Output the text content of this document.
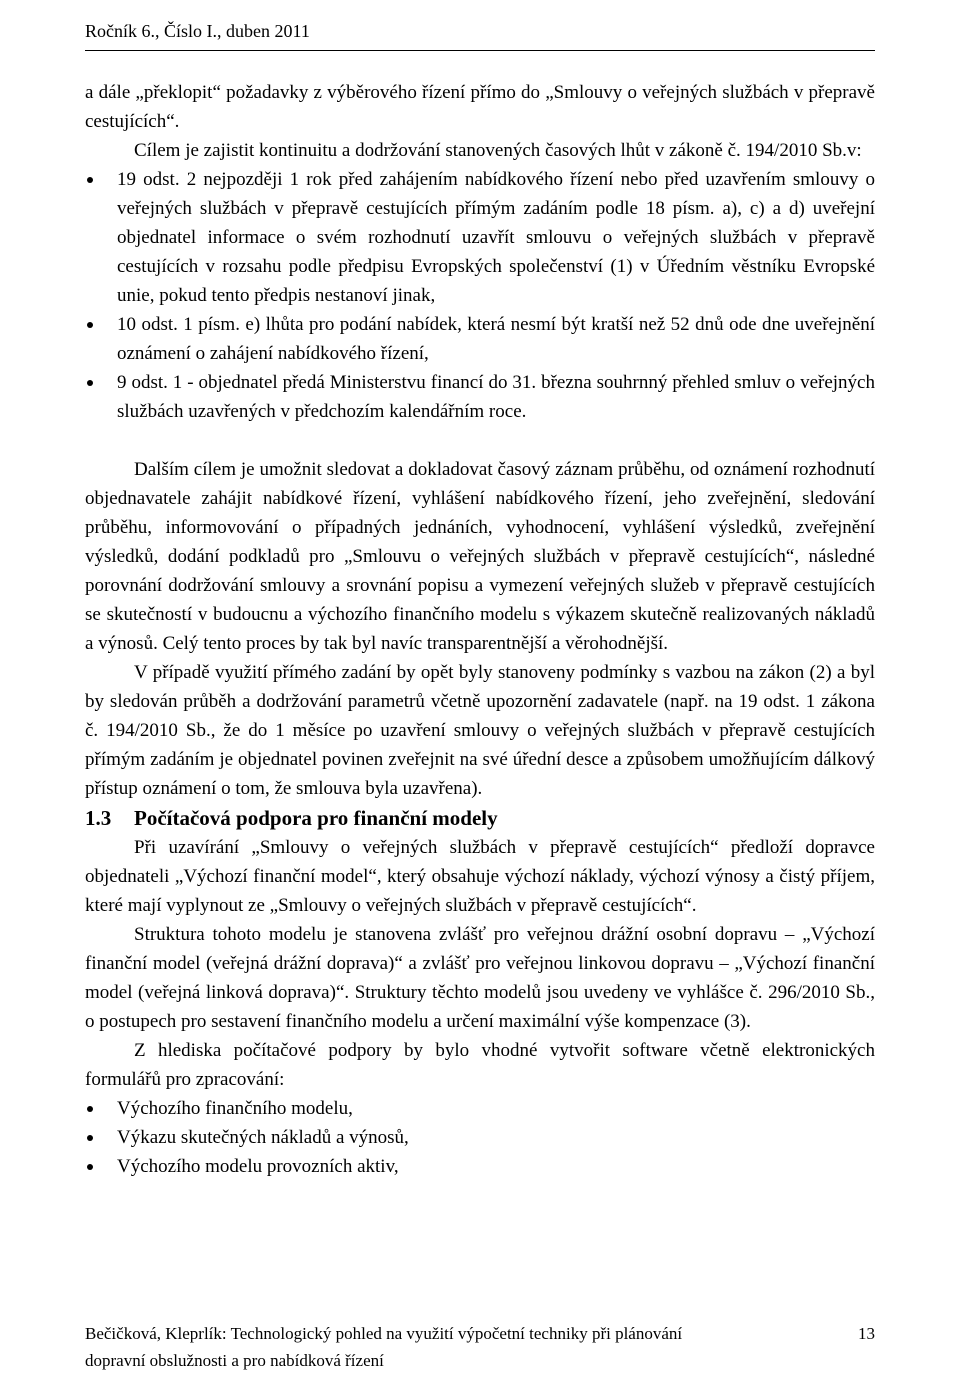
Ročník 6., Číslo I., duben 2011

a dále „překlopit“ požadavky z výběrového řízení přímo do „Smlouvy o veřejných službách v přepravě cestujících“.

Cílem je zajistit kontinuitu a dodržování stanovených časových lhůt v zákoně č. 194/2010 Sb.v:

19 odst. 2 nejpozději 1 rok před zahájením nabídkového řízení nebo před uzavřením smlouvy o veřejných službách v přepravě cestujících přímým zadáním podle 18 písm. a), c) a d) uveřejní objednatel informace o svém rozhodnutí uzavřít smlouvu o veřejných službách v přepravě cestujících v rozsahu podle předpisu Evropských společenství (1) v Úředním věstníku Evropské unie, pokud tento předpis nestanoví jinak,
10 odst. 1 písm. e) lhůta pro podání nabídek, která nesmí být kratší než 52 dnů ode dne uveřejnění oznámení o zahájení nabídkového řízení,
9 odst. 1 - objednatel předá Ministerstvu financí do 31. března souhrnný přehled smluv o veřejných službách uzavřených v předchozím kalendářním roce.

Dalším cílem je umožnit sledovat a dokladovat časový záznam průběhu, od oznámení rozhodnutí objednavatele zahájit nabídkové řízení, vyhlášení nabídkového řízení, jeho zveřejnění, sledování průběhu, informovování o případných jednáních, vyhodnocení, vyhlášení výsledků, zveřejnění výsledků, dodání podkladů pro „Smlouvu o veřejných službách v přepravě cestujících“, následné porovnání dodržování smlouvy a srovnání popisu a vymezení veřejných služeb v přepravě cestujících se skutečností v budoucnu a výchozího finančního modelu s výkazem skutečně realizovaných nákladů a výnosů. Celý tento proces by tak byl navíc transparentnější a věrohodnější.

V případě využití přímého zadání by opět byly stanoveny podmínky s vazbou na zákon (2) a byl by sledován průběh a dodržování parametrů včetně upozornění zadavatele (např. na 19 odst. 1 zákona č. 194/2010 Sb., že do 1 měsíce po uzavření smlouvy o veřejných službách v přepravě cestujících přímým zadáním je objednatel povinen zveřejnit na své úřední desce a způsobem umožňujícím dálkový přístup oznámení o tom, že smlouva byla uzavřena).

1.3 Počítačová podpora pro finanční modely

Při uzavírání „Smlouvy o veřejných službách v přepravě cestujících“ předloží dopravce objednateli „Výchozí finanční model“, který obsahuje výchozí náklady, výchozí výnosy a čistý příjem, které mají vyplynout ze „Smlouvy o veřejných službách v přepravě cestujících“.

Struktura tohoto modelu je stanovena zvlášť pro veřejnou drážní osobní dopravu – „Výchozí finanční model (veřejná drážní doprava)“ a zvlášť pro veřejnou linkovou dopravu – „Výchozí finanční model (veřejná linková doprava)“. Struktury těchto modelů jsou uvedeny ve vyhlášce č. 296/2010 Sb., o postupech pro sestavení finančního modelu a určení maximální výše kompenzace (3).

Z hlediska počítačové podpory by bylo vhodné vytvořit software včetně elektronických formulářů pro zpracování:

Výchozího finančního modelu,
Výkazu skutečných nákladů a výnosů,
Výchozího modelu provozních aktiv,
Bečičková, Kleprlík: Technologický pohled na využití výpočetní techniky při plánování
dopravní obslužnosti a pro nabídková řízení
13
